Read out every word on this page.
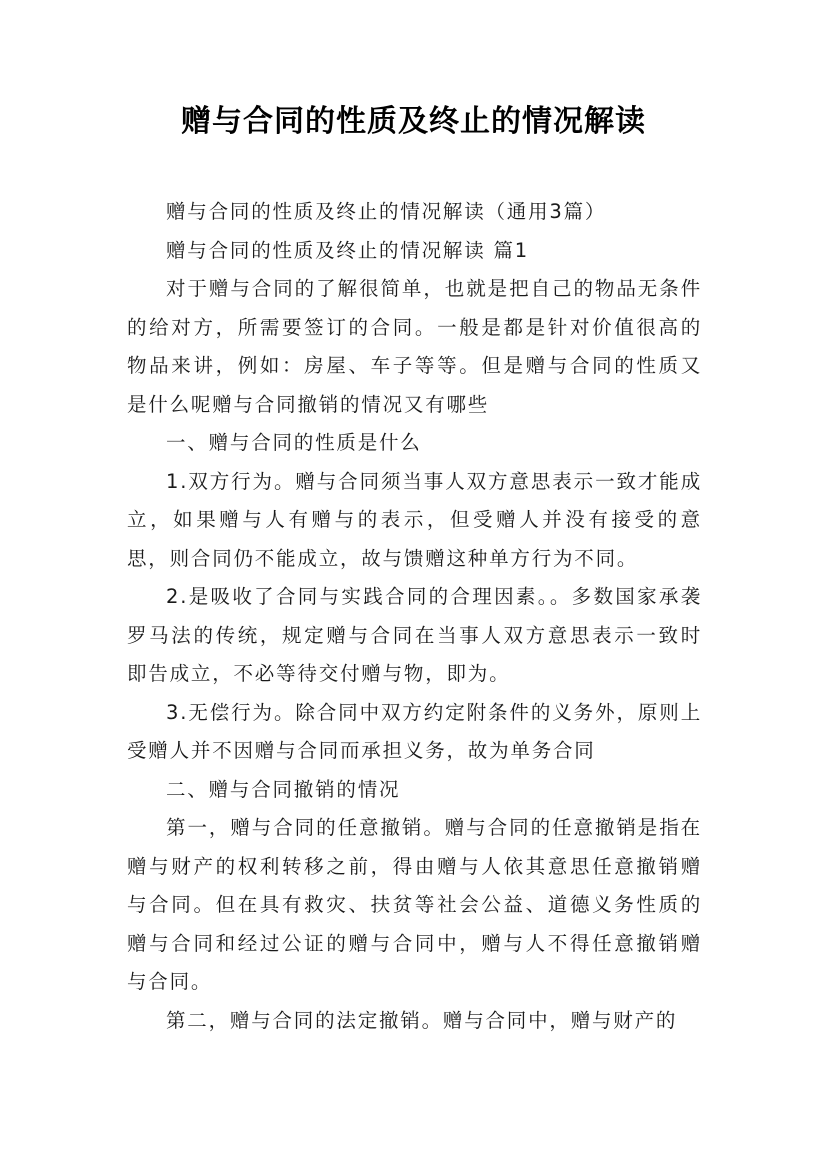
赠与合同的性质及终止的情况解读

赠与合同的性质及终止的情况解读（通用3篇）

赠与合同的性质及终止的情况解读 篇1

对于赠与合同的了解很简单，也就是把自己的物品无条件的给对方，所需要签订的合同。一般是都是针对价值很高的物品来讲，例如：房屋、车子等等。但是赠与合同的性质又是什么呢赠与合同撤销的情况又有哪些

一、赠与合同的性质是什么

1.双方行为。赠与合同须当事人双方意思表示一致才能成立，如果赠与人有赠与的表示，但受赠人并没有接受的意思，则合同仍不能成立，故与馈赠这种单方行为不同。

2.是吸收了合同与实践合同的合理因素。。多数国家承袭罗马法的传统，规定赠与合同在当事人双方意思表示一致时即告成立，不必等待交付赠与物，即为。

3.无偿行为。除合同中双方约定附条件的义务外，原则上受赠人并不因赠与合同而承担义务，故为单务合同

二、赠与合同撤销的情况

第一，赠与合同的任意撤销。赠与合同的任意撤销是指在赠与财产的权利转移之前，得由赠与人依其意思任意撤销赠与合同。但在具有救灾、扶贫等社会公益、道德义务性质的赠与合同和经过公证的赠与合同中，赠与人不得任意撤销赠与合同。

第二，赠与合同的法定撤销。赠与合同中，赠与财产的
